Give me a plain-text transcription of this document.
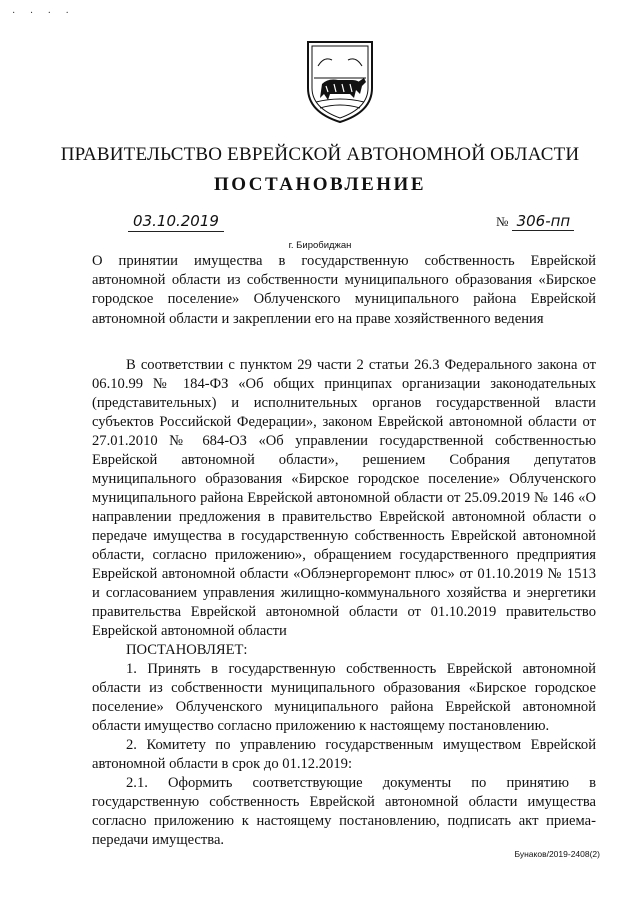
· · · ·
ПРАВИТЕЛЬСТВО ЕВРЕЙСКОЙ АВТОНОМНОЙ ОБЛАСТИ
ПОСТАНОВЛЕНИЕ
03.10.2019	№ 306-пп
г. Биробиджан
О принятии имущества в государственную собственность Еврейской автономной области из собственности муниципального образования «Бирское городское поселение» Облученского муниципального района Еврейской автономной области и закреплении его на праве хозяйственного ведения

В соответствии с пунктом 29 части 2 статьи 26.3 Федерального закона от 06.10.99 № 184-ФЗ «Об общих принципах организации законодательных (представительных) и исполнительных органов государственной власти субъектов Российской Федерации», законом Еврейской автономной области от 27.01.2010 № 684-ОЗ «Об управлении государственной собственностью Еврейской автономной области», решением Собрания депутатов муниципального образования «Бирское городское поселение» Облученского муниципального района Еврейской автономной области от 25.09.2019 № 146 «О направлении предложения в правительство Еврейской автономной области о передаче имущества в государственную собственность Еврейской автономной области, согласно приложению», обращением государственного предприятия Еврейской автономной области «Облэнергоремонт плюс» от 01.10.2019 № 1513 и согласованием управления жилищно-коммунального хозяйства и энергетики правительства Еврейской автономной области от 01.10.2019 правительство Еврейской автономной области

ПОСТАНОВЛЯЕТ:

1. Принять в государственную собственность Еврейской автономной области из собственности муниципального образования «Бирское городское поселение» Облученского муниципального района Еврейской автономной области имущество согласно приложению к настоящему постановлению.

2. Комитету по управлению государственным имуществом Еврейской автономной области в срок до 01.12.2019:

2.1. Оформить соответствующие документы по принятию в государственную собственность Еврейской автономной области имущества согласно приложению к настоящему постановлению, подписать акт приема-передачи имущества.

Бунаков/2019-2408(2)
